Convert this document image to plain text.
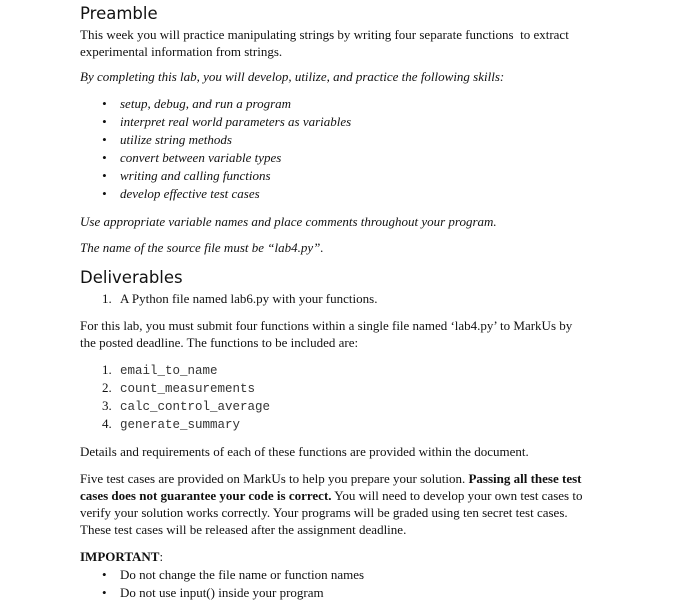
Preamble
This week you will practice manipulating strings by writing four separate functions  to extract
experimental information from strings.
By completing this lab, you will develop, utilize, and practice the following skills:
• setup, debug, and run a program
• interpret real world parameters as variables
• utilize string methods
• convert between variable types
• writing and calling functions
• develop effective test cases
Use appropriate variable names and place comments throughout your program.
The name of the source file must be “lab4.py”.
Deliverables
1. A Python file named lab6.py with your functions.
For this lab, you must submit four functions within a single file named ‘lab4.py’ to MarkUs by
the posted deadline. The functions to be included are:
1. email_to_name
2. count_measurements
3. calc_control_average
4. generate_summary
Details and requirements of each of these functions are provided within the document.
Five test cases are provided on MarkUs to help you prepare your solution. Passing all these test
cases does not guarantee your code is correct. You will need to develop your own test cases to
verify your solution works correctly. Your programs will be graded using ten secret test cases.
These test cases will be released after the assignment deadline.
IMPORTANT:
• Do not change the file name or function names
• Do not use input() inside your program
